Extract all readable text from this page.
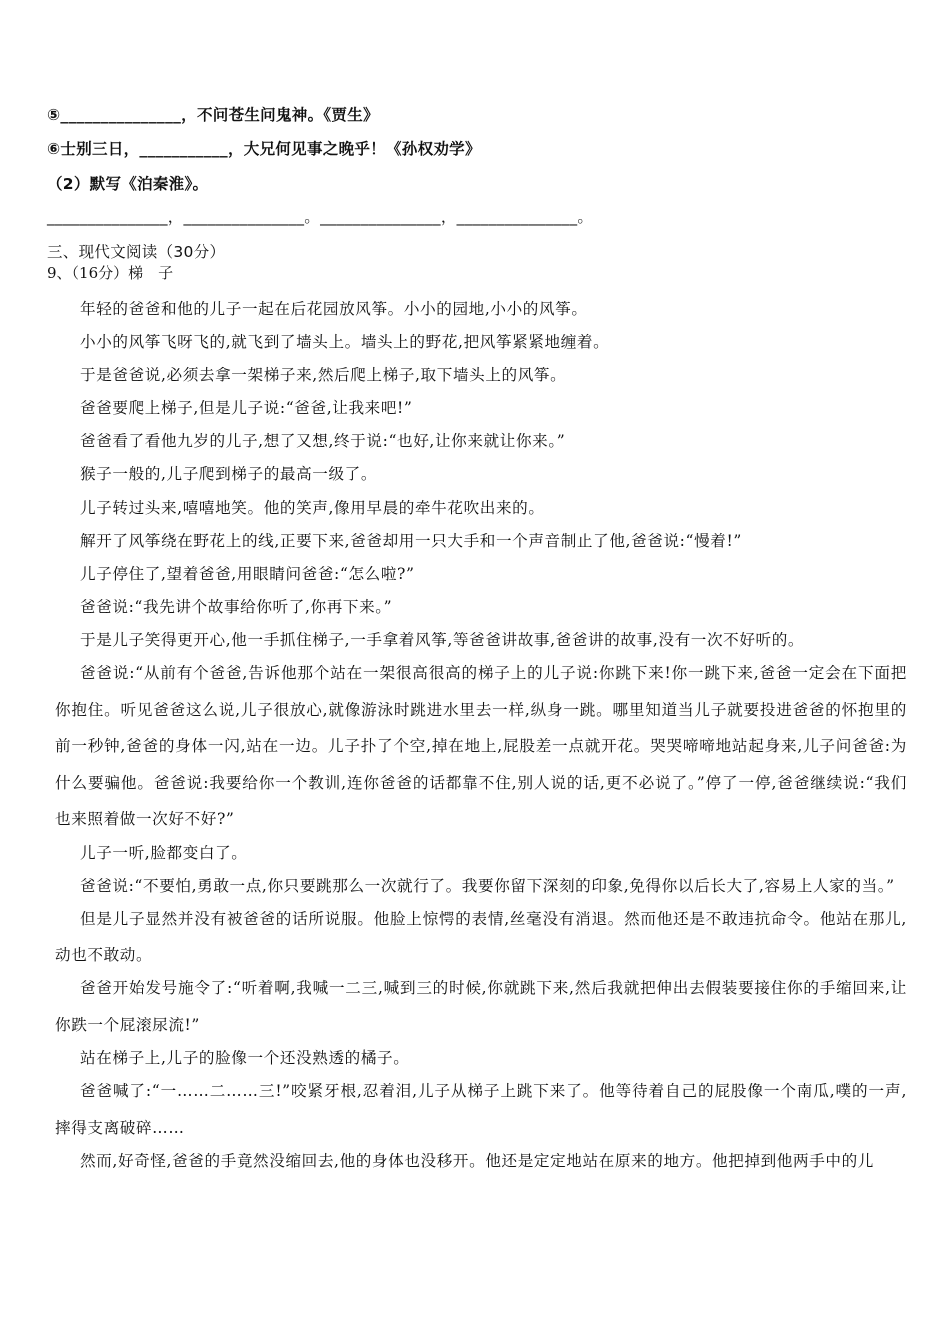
⑤_______________，不问苍生问鬼神。《贾生》
⑥士别三日，___________，大兄何见事之晚乎！《孙权劝学》
（2）默写《泊秦淮》。
_______________，_______________。_______________，_______________。
三、现代文阅读（30分）
9、（16分）梯　子

年轻的爸爸和他的儿子一起在后花园放风筝。小小的园地,小小的风筝。

小小的风筝飞呀飞的,就飞到了墙头上。墙头上的野花,把风筝紧紧地缠着。

于是爸爸说,必须去拿一架梯子来,然后爬上梯子,取下墙头上的风筝。

爸爸要爬上梯子,但是儿子说:“爸爸,让我来吧!”

爸爸看了看他九岁的儿子,想了又想,终于说:“也好,让你来就让你来。”

猴子一般的,儿子爬到梯子的最高一级了。

儿子转过头来,嘻嘻地笑。他的笑声,像用早晨的牵牛花吹出来的。

解开了风筝绕在野花上的线,正要下来,爸爸却用一只大手和一个声音制止了他,爸爸说:“慢着!”

儿子停住了,望着爸爸,用眼睛问爸爸:“怎么啦?”

爸爸说:“我先讲个故事给你听了,你再下来。”

于是儿子笑得更开心,他一手抓住梯子,一手拿着风筝,等爸爸讲故事,爸爸讲的故事,没有一次不好听的。

爸爸说:“从前有个爸爸,告诉他那个站在一架很高很高的梯子上的儿子说:你跳下来!你一跳下来,爸爸一定会在下面把你抱住。听见爸爸这么说,儿子很放心,就像游泳时跳进水里去一样,纵身一跳。哪里知道当儿子就要投进爸爸的怀抱里的前一秒钟,爸爸的身体一闪,站在一边。儿子扑了个空,掉在地上,屁股差一点就开花。哭哭啼啼地站起身来,儿子问爸爸:为什么要骗他。爸爸说:我要给你一个教训,连你爸爸的话都靠不住,别人说的话,更不必说了。”停了一停,爸爸继续说:“我们也来照着做一次好不好?”

儿子一听,脸都变白了。

爸爸说:“不要怕,勇敢一点,你只要跳那么一次就行了。我要你留下深刻的印象,免得你以后长大了,容易上人家的当。”

但是儿子显然并没有被爸爸的话所说服。他脸上惊愕的表情,丝毫没有消退。然而他还是不敢违抗命令。他站在那儿,动也不敢动。

爸爸开始发号施令了:“听着啊,我喊一二三,喊到三的时候,你就跳下来,然后我就把伸出去假装要接住你的手缩回来,让你跌一个屁滚尿流!”

站在梯子上,儿子的脸像一个还没熟透的橘子。

爸爸喊了:“一……二……三!”咬紧牙根,忍着泪,儿子从梯子上跳下来了。他等待着自己的屁股像一个南瓜,噗的一声,摔得支离破碎……

然而,好奇怪,爸爸的手竟然没缩回去,他的身体也没移开。他还是定定地站在原来的地方。他把掉到他两手中的儿
